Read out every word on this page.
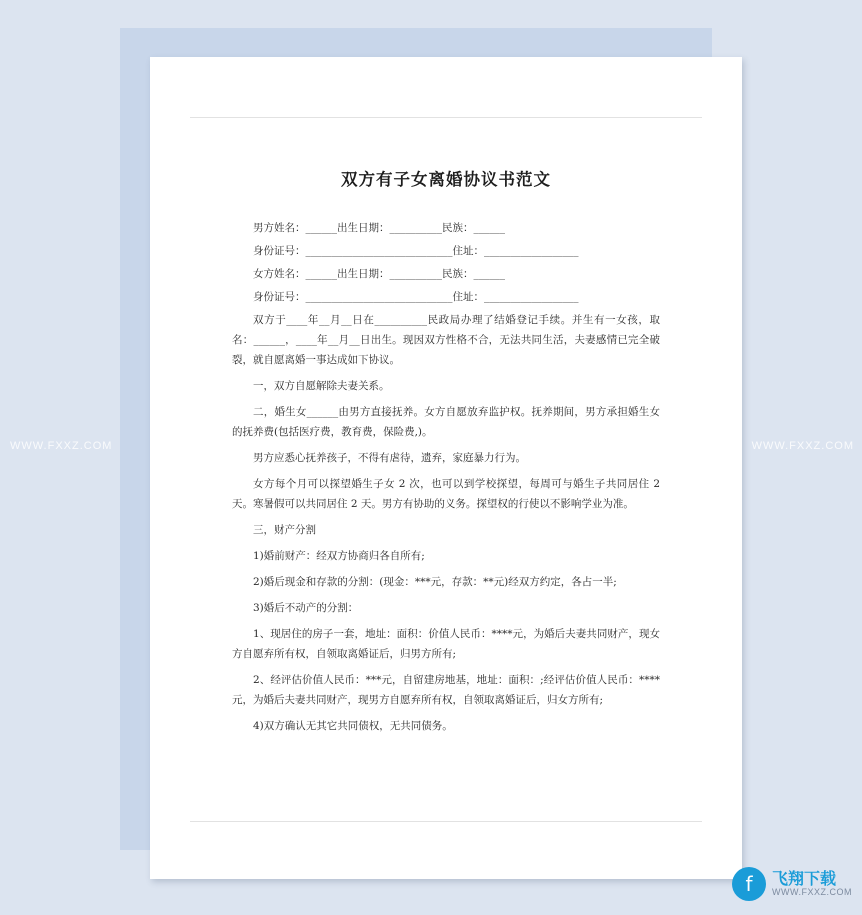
WWW.FXXZ.COM	WWW.FXXZ.COM
双方有子女离婚协议书范文

男方姓名：______出生日期：__________民族：______

身份证号：____________________________住址：__________________

女方姓名：______出生日期：__________民族：______

身份证号：____________________________住址：__________________

双方于____年__月__日在__________民政局办理了结婚登记手续。并生有一女孩，取名：______，____年__月__日出生。现因双方性格不合，无法共同生活，夫妻感情已完全破裂，就自愿离婚一事达成如下协议。

一，双方自愿解除夫妻关系。

二，婚生女______由男方直接抚养。女方自愿放弃监护权。抚养期间，男方承担婚生女的抚养费(包括医疗费，教育费，保险费,)。

男方应悉心抚养孩子，不得有虐待，遗弃，家庭暴力行为。

女方每个月可以探望婚生子女 2 次，也可以到学校探望，每周可与婚生子共同居住 2 天。寒暑假可以共同居住 2 天。男方有协助的义务。探望权的行使以不影响学业为准。

三，财产分割

1)婚前财产：经双方协商归各自所有;

2)婚后现金和存款的分割：(现金：***元，存款：**元)经双方约定，各占一半;

3)婚后不动产的分割：

1、现居住的房子一套，地址：面积：价值人民币：****元，为婚后夫妻共同财产，现女方自愿弃所有权，自领取离婚证后，归男方所有;

2、经评估价值人民币：***元，自留建房地基，地址：面积：;经评估价值人民币：****元，为婚后夫妻共同财产，现男方自愿弃所有权，自领取离婚证后，归女方所有;

4)双方确认无其它共同债权，无共同债务。

f	飞翔下载
WWW.FXXZ.COM
